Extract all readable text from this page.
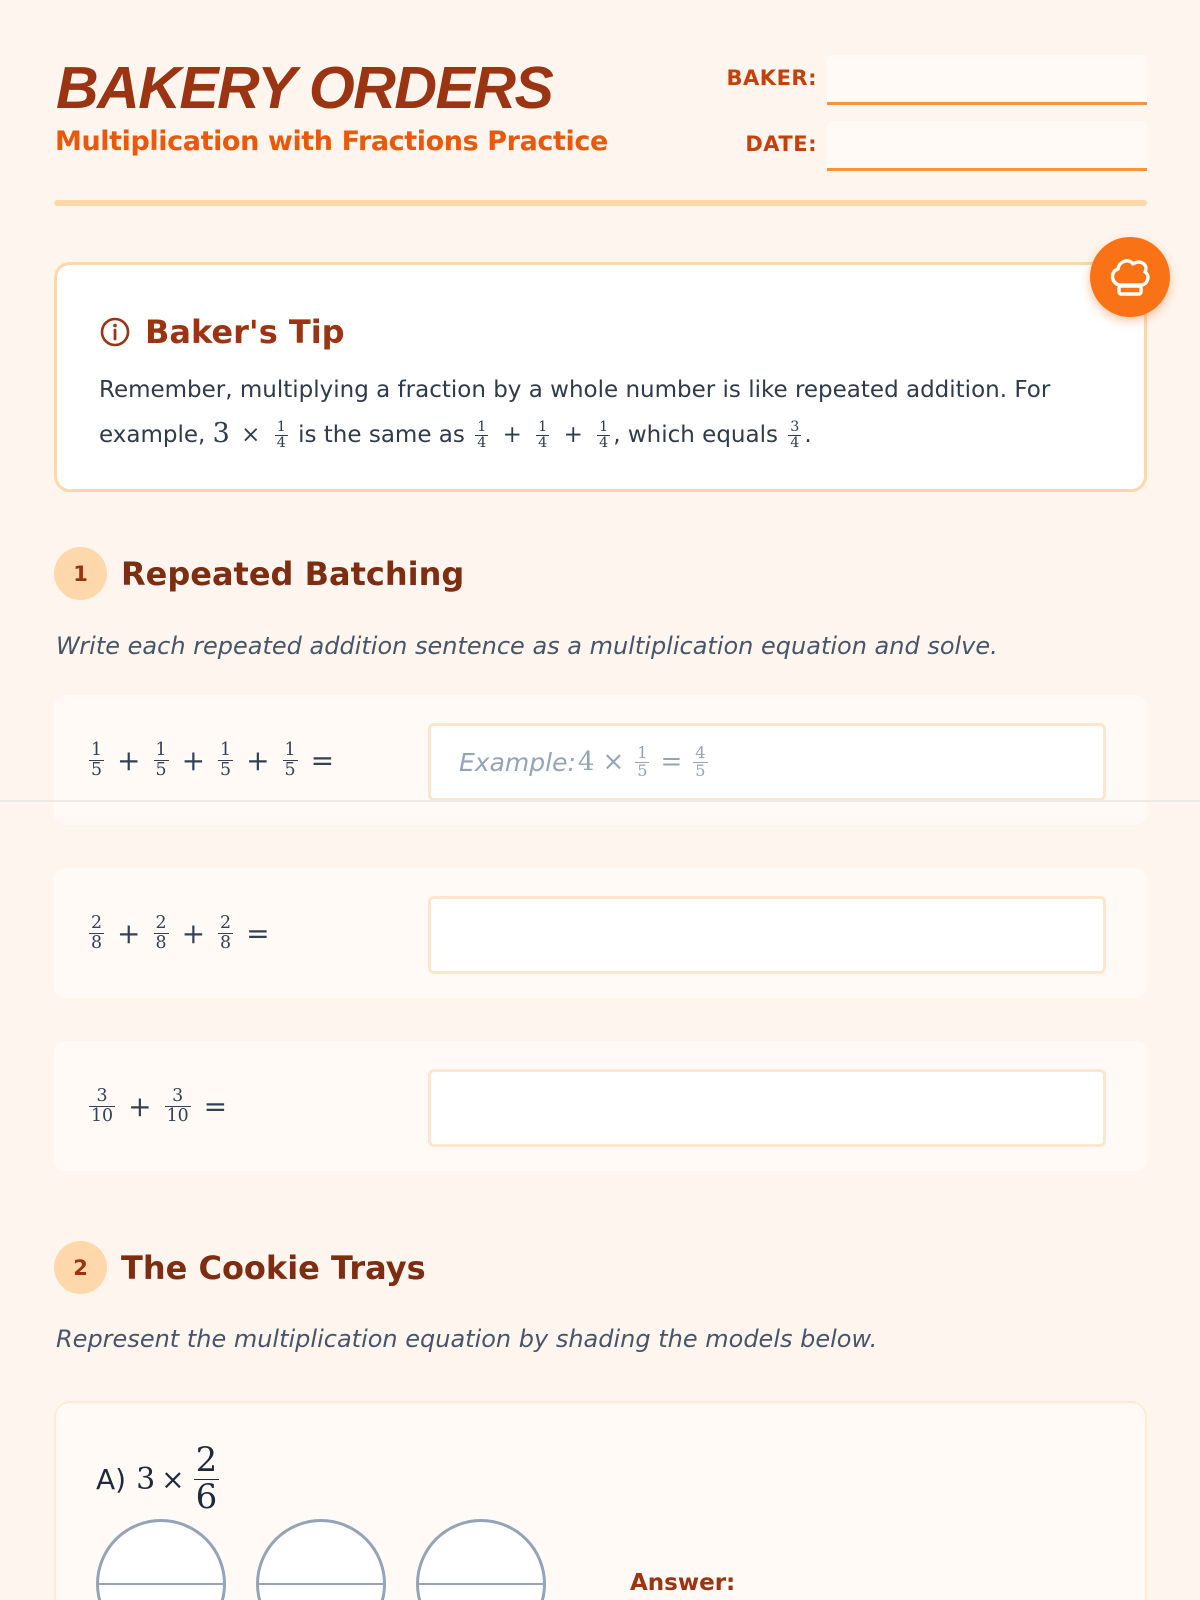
BAKERY ORDERS
Multiplication with Fractions Practice
BAKER:
DATE:
Baker's Tip
Remember, multiplying a fraction by a whole number is like repeated addition. For
example, $3 \times \frac{1}{4}$ is the same as $\frac{1}{4} + \frac{1}{4} + \frac{1}{4}$ , which equals $\frac{3}{4}$ .
1	Repeated Batching
Write each repeated addition sentence as a multiplication equation and solve.
$\frac{1}{5} + \frac{1}{5} + \frac{1}{5} + \frac{1}{5}$ =	Example: $4 \times \frac{1}{5} = \frac{4}{5}$
$\frac{2}{8} + \frac{2}{8} + \frac{2}{8}$ =
$\frac{3}{10} + \frac{3}{10}$ =
2	The Cookie Trays
Represent the multiplication equation by shading the models below.
A) $3 \times \frac{2}{6}$
Answer:
